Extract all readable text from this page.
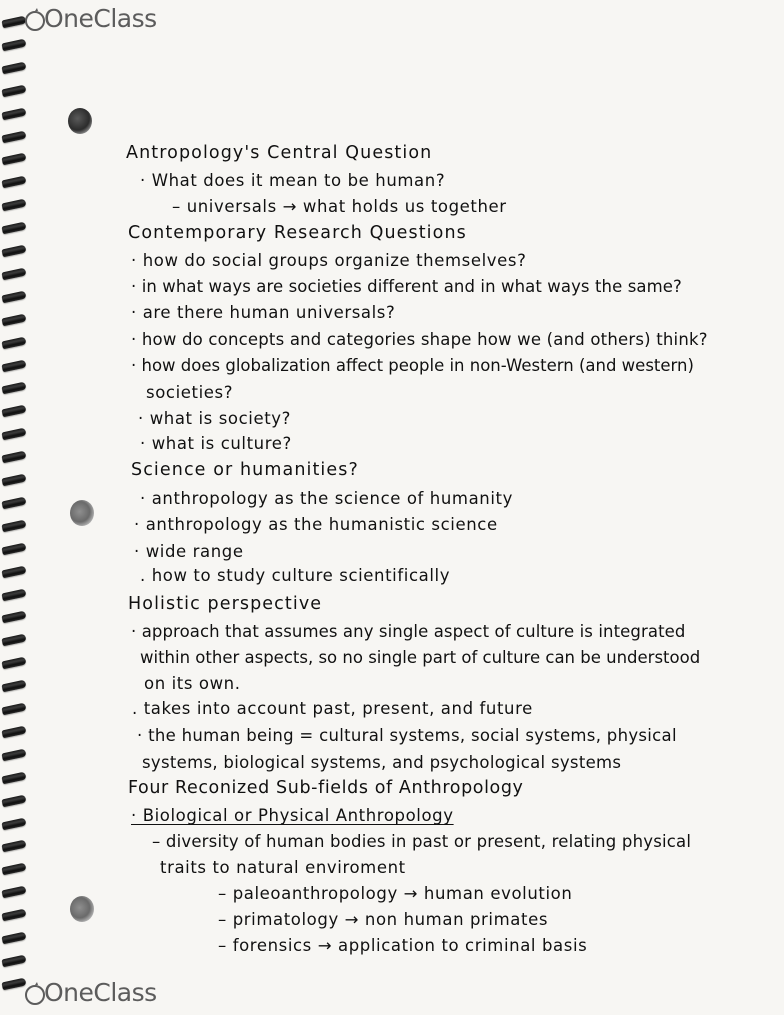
OneClass
OneClass
Antropology's Central Question
· What does it mean to be human?
– universals → what holds us together
Contemporary Research Questions
· how do social groups organize themselves?
· in what ways are societies different and in what ways the same?
· are there human universals?
· how do concepts and categories shape how we (and others) think?
· how does globalization affect people in non-Western (and western)
societies?
· what is society?
· what is culture?
Science or humanities?
· anthropology as the science of humanity
· anthropology as the humanistic science
· wide range
. how to study culture scientifically
Holistic perspective
· approach that assumes any single aspect of culture is integrated
within other aspects, so no single part of culture can be understood
on its own.
. takes into account past, present, and future
· the human being = cultural systems, social systems, physical
systems, biological systems, and psychological systems
Four Reconized Sub-fields of Anthropology
· Biological or Physical Anthropology
– diversity of human bodies in past or present, relating physical
traits to natural enviroment
– paleoanthropology → human evolution
– primatology → non human primates
– forensics → application to criminal basis
